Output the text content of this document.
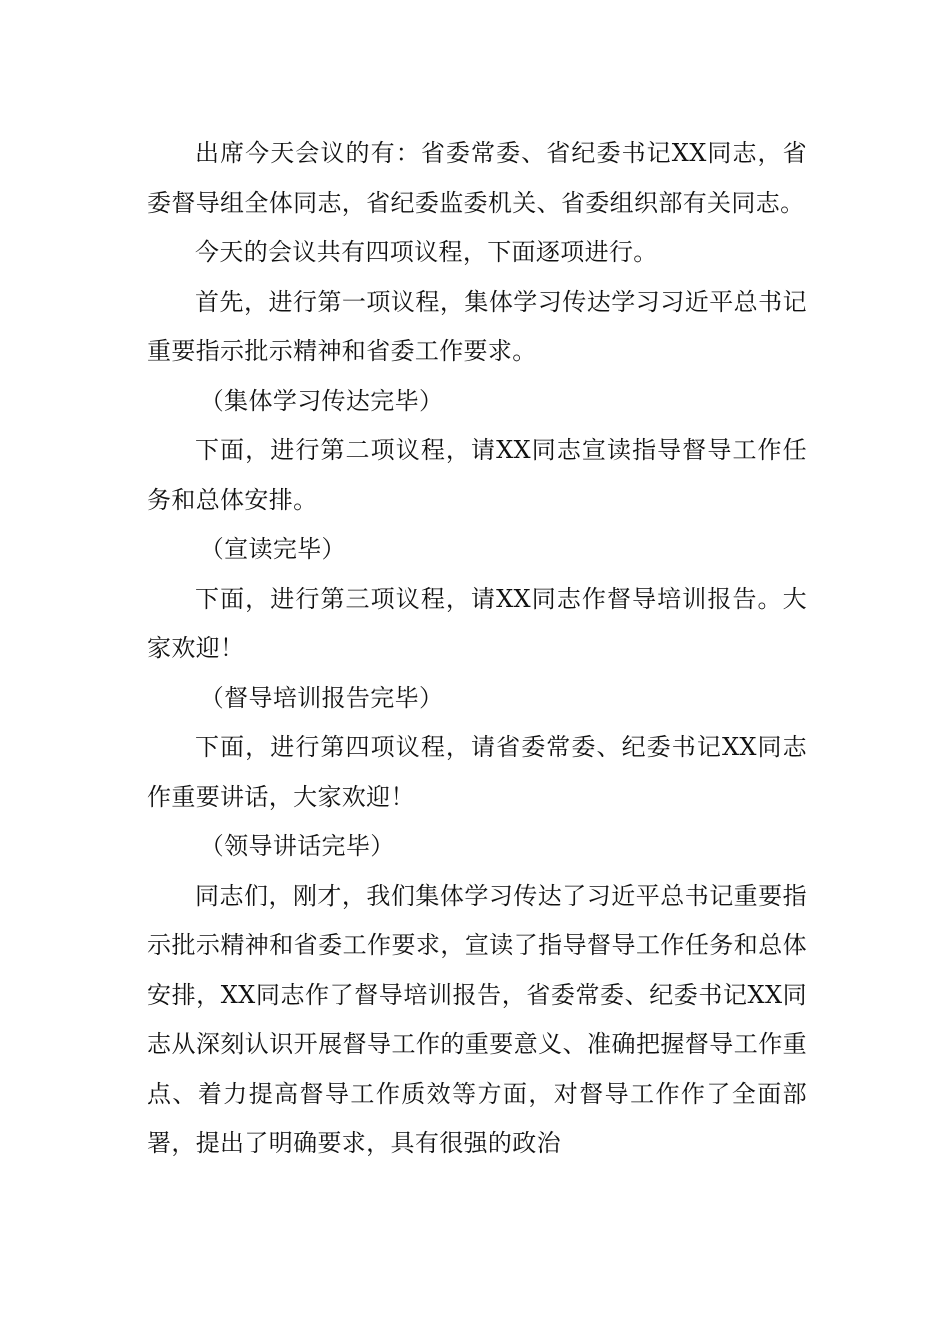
出席今天会议的有：省委常委、省纪委书记XX同志，省委督导组全体同志，省纪委监委机关、省委组织部有关同志。

今天的会议共有四项议程，下面逐项进行。

首先，进行第一项议程，集体学习传达学习习近平总书记重要指示批示精神和省委工作要求。

（集体学习传达完毕）

下面，进行第二项议程，请XX同志宣读指导督导工作任务和总体安排。

（宣读完毕）

下面，进行第三项议程，请XX同志作督导培训报告。大家欢迎！

（督导培训报告完毕）

下面，进行第四项议程，请省委常委、纪委书记XX同志作重要讲话，大家欢迎！

（领导讲话完毕）

同志们，刚才，我们集体学习传达了习近平总书记重要指示批示精神和省委工作要求，宣读了指导督导工作任务和总体安排，XX同志作了督导培训报告，省委常委、纪委书记XX同志从深刻认识开展督导工作的重要意义、准确把握督导工作重点、着力提高督导工作质效等方面，对督导工作作了全面部署，提出了明确要求，具有很强的政治
